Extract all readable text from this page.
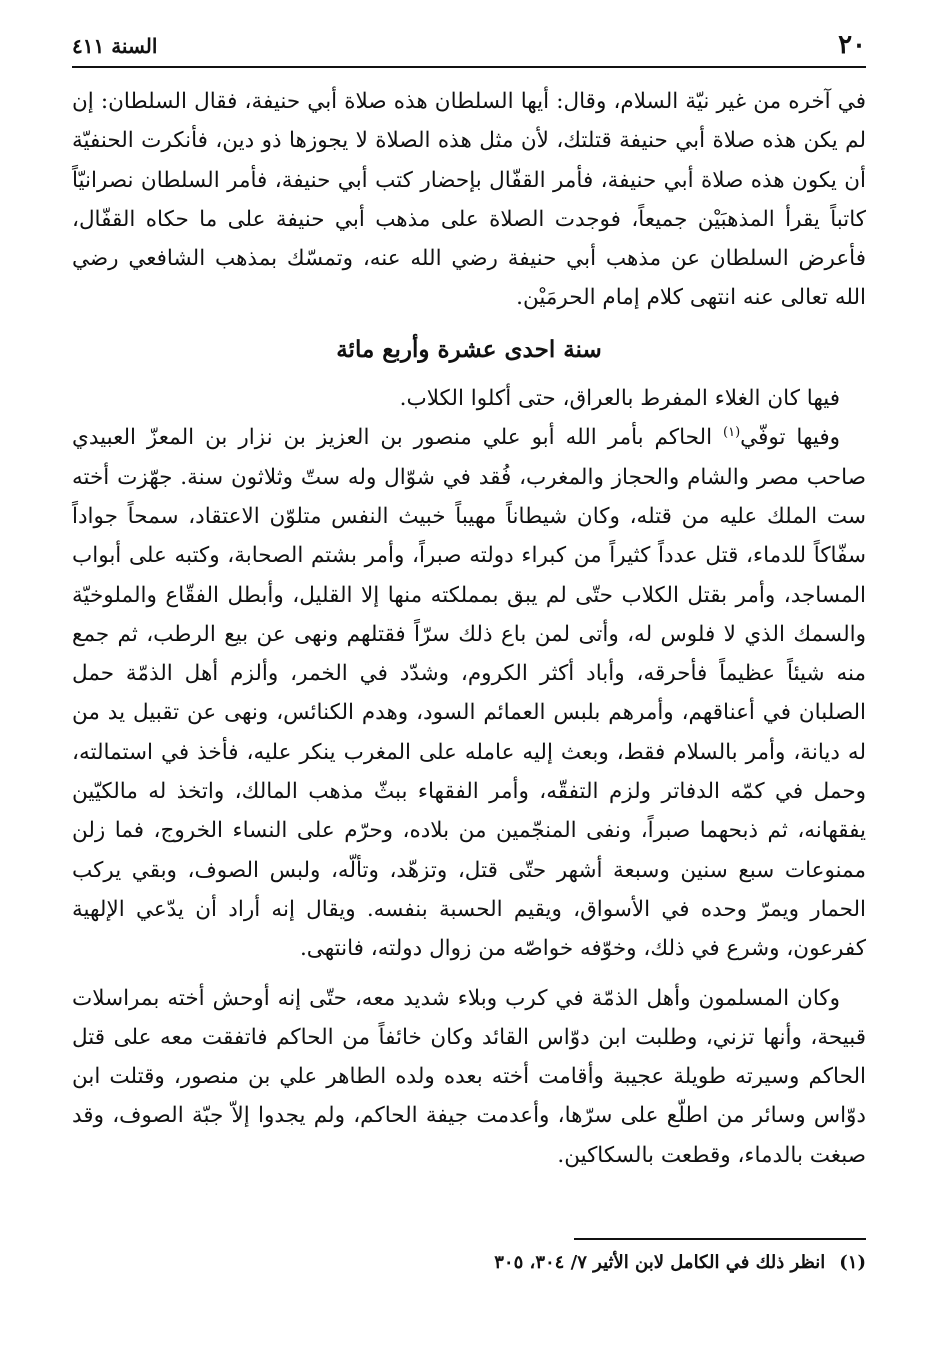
٢٠
السنة ٤١١

في آخره من غير نيّة السلام، وقال: أيها السلطان هذه صلاة أبي حنيفة، فقال السلطان: إن لم يكن هذه صلاة أبي حنيفة قتلتك، لأن مثل هذه الصلاة لا يجوزها ذو دين، فأنكرت الحنفيّة أن يكون هذه صلاة أبي حنيفة، فأمر القفّال بإحضار كتب أبي حنيفة، فأمر السلطان نصرانيّاً كاتباً يقرأ المذهبَيْن جميعاً، فوجدت الصلاة على مذهب أبي حنيفة على ما حكاه القفّال، فأعرض السلطان عن مذهب أبي حنيفة رضي الله عنه، وتمسّك بمذهب الشافعي رضي الله تعالى عنه انتهى كلام إمام الحرمَيْن.

سنة احدى عشرة وأربع مائة

فيها كان الغلاء المفرط بالعراق، حتى أكلوا الكلاب.

وفيها توفّي$^{(١)}$ الحاكم بأمر الله أبو علي منصور بن العزيز بن نزار بن المعزّ العبيدي صاحب مصر والشام والحجاز والمغرب، فُقد في شوّال وله ستّ وثلاثون سنة. جهّزت أخته ست الملك عليه من قتله، وكان شيطاناً مهيباً خبيث النفس متلوّن الاعتقاد، سمحاً جواداً سفّاكاً للدماء، قتل عدداً كثيراً من كبراء دولته صبراً، وأمر بشتم الصحابة، وكتبه على أبواب المساجد، وأمر بقتل الكلاب حتّى لم يبق بمملكته منها إلا القليل، وأبطل الفقّاع والملوخيّة والسمك الذي لا فلوس له، وأتى لمن باع ذلك سرّاً فقتلهم ونهى عن بيع الرطب، ثم جمع منه شيئاً عظيماً فأحرقه، وأباد أكثر الكروم، وشدّد في الخمر، وألزم أهل الذمّة حمل الصلبان في أعناقهم، وأمرهم بلبس العمائم السود، وهدم الكنائس، ونهى عن تقبيل يد من له ديانة، وأمر بالسلام فقط، وبعث إليه عامله على المغرب ينكر عليه، فأخذ في استمالته، وحمل في كمّه الدفاتر ولزم التفقّه، وأمر الفقهاء ببثّ مذهب المالك، واتخذ له مالكيّين يفقهانه، ثم ذبحهما صبراً، ونفى المنجّمين من بلاده، وحرّم على النساء الخروج، فما زلن ممنوعات سبع سنين وسبعة أشهر حتّى قتل، وتزهّد، وتألّه، ولبس الصوف، وبقي يركب الحمار ويمرّ وحده في الأسواق، ويقيم الحسبة بنفسه. ويقال إنه أراد أن يدّعي الإلهية كفرعون، وشرع في ذلك، وخوّفه خواصّه من زوال دولته، فانتهى.

وكان المسلمون وأهل الذمّة في كرب وبلاء شديد معه، حتّى إنه أوحش أخته بمراسلات قبيحة، وأنها تزني، وطلبت ابن دوّاس القائد وكان خائفاً من الحاكم فاتفقت معه على قتل الحاكم وسيرته طويلة عجيبة وأقامت أخته بعده ولده الطاهر علي بن منصور، وقتلت ابن دوّاس وسائر من اطلّع على سرّها، وأعدمت جيفة الحاكم، ولم يجدوا إلاّ جبّة الصوف، وقد صبغت بالدماء، وقطعت بالسكاكين.

(١)انظر ذلك في الكامل لابن الأثير ٧/ ٣٠٤، ٣٠٥
